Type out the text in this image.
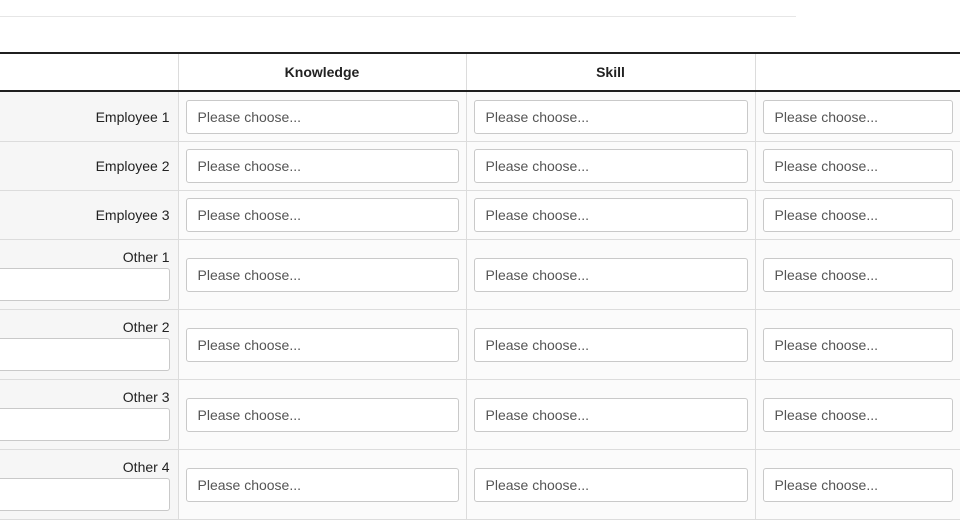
	Knowledge	Skill	
Employee 1	Please choose...	Please choose...	Please choose...

Employee 2	Please choose...	Please choose...	Please choose...

Employee 3	Please choose...	Please choose...	Please choose...

Other 1	Please choose...	Please choose...	Please choose...

Other 2	Please choose...	Please choose...	Please choose...

Other 3	Please choose...	Please choose...	Please choose...

Other 4	Please choose...	Please choose...	Please choose...
